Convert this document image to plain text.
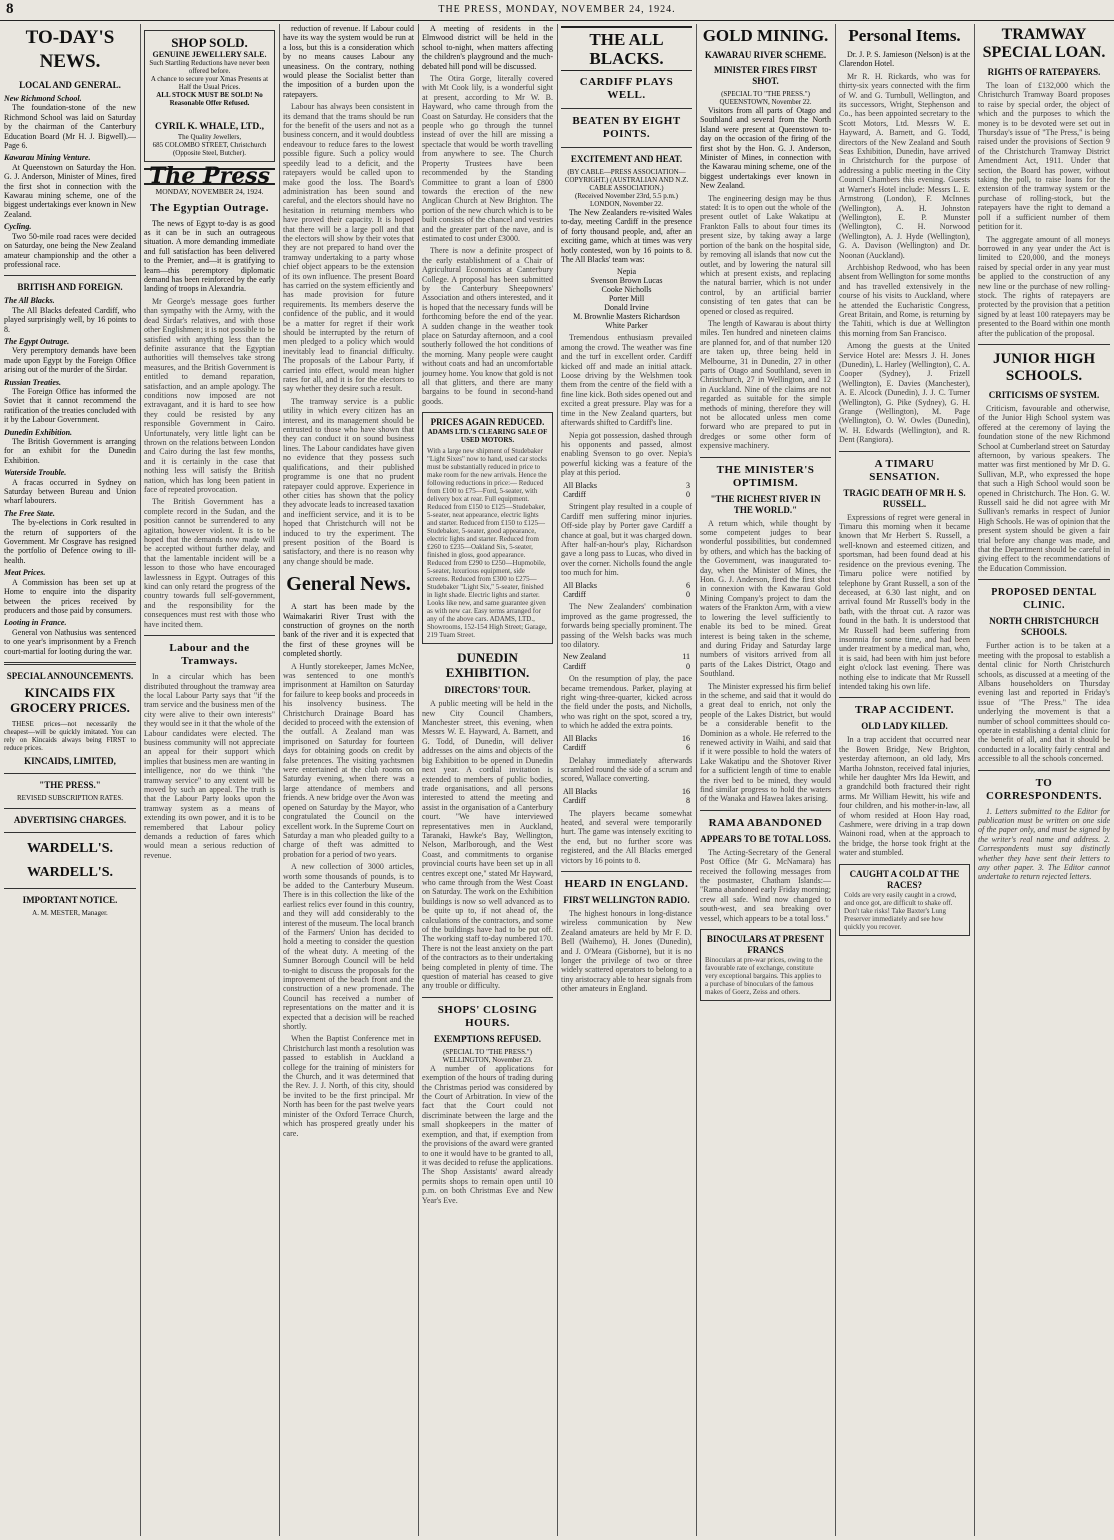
8	THE PRESS, MONDAY, NOVEMBER 24, 1924.
TO-DAY'S NEWS.
LOCAL AND GENERAL.
New Richmond School.
The foundation-stone of the new Richmond School was laid on Saturday by the chairman of the Canterbury Education Board (Mr H. J. Bigwell).—Page 6.
Kawarau Mining Venture.
At Queenstown on Saturday the Hon. G. J. Anderson, Minister of Mines, fired the first shot in connection with the Kawarau mining scheme, one of the biggest undertakings ever known in New Zealand.
Cycling.
Two 50-mile road races were decided on Saturday, one being the New Zealand amateur championship and the other a professional race.
BRITISH AND FOREIGN.
The All Blacks.
The All Blacks defeated Cardiff, who played surprisingly well, by 16 points to 8.
The Egypt Outrage.
Very peremptory demands have been made upon Egypt by the Foreign Office arising out of the murder of the Sirdar.
Russian Treaties.
The Foreign Office has informed the Soviet that it cannot recommend the ratification of the treaties concluded with it by the Labour Government.
Dunedin Exhibition.
The British Government is arranging for an exhibit for the Dunedin Exhibition.
Waterside Trouble.
A fracas occurred in Sydney on Saturday between Bureau and Union wharf labourers.
The Free State.
The by-elections in Cork resulted in the return of supporters of the Government. Mr Cosgrave has resigned the portfolio of Defence owing to ill-health.
Meat Prices.
A Commission has been set up at Home to enquire into the disparity between the prices received by producers and those paid by consumers.
Looting in France.
General von Nathusius was sentenced to one year's imprisonment by a French court-martial for looting during the war.
SPECIAL ANNOUNCEMENTS.
KINCAIDS FIX GROCERY PRICES.
THESE prices—not necessarily the cheapest—will be quickly imitated. You can rely on Kincaids always being FIRST to reduce prices.
KINCAIDS, LIMITED,
"THE PRESS."
REVISED SUBSCRIPTION RATES.
ADVERTISING CHARGES.
WARDELL'S.
WARDELL'S.
IMPORTANT NOTICE.
A. M. MESTER, Manager.
SHOP SOLD.
GENUINE JEWELLERY SALE.
Such Startling Reductions have never been offered before.
A chance to secure your Xmas Presents at Half the Usual Prices.
ALL STOCK MUST BE SOLD! No Reasonable Offer Refused.
CYRIL K. WHALE, LTD.,
The Quality Jewellers,
685 COLOMBO STREET, Christchurch
(Opposite Steel, Butcher).
The Press
MONDAY, NOVEMBER 24, 1924.
The Egyptian Outrage.
The news of Egypt to-day is as good as it can be in such an outrageous situation. A more demanding immediate and full satisfaction has been delivered to the Premier, and—it is gratifying to learn—this peremptory diplomatic demand has been reinforced by the early landing of troops in Alexandria.
Mr George's message goes further than sympathy with the Army, with the dead Sirdar's relatives, and with those other Englishmen; it is not possible to be satisfied with anything less than the definite assurance that the Egyptian authorities will themselves take strong measures, and the British Government is entitled to demand reparation, satisfaction, and an ample apology. The conditions now imposed are not extravagant, and it is hard to see how they could be resisted by any responsible Government in Cairo. Unfortunately, very little light can be thrown on the relations between London and Cairo during the last few months, and it is certainly in the case that nothing less will satisfy the British nation, which has long been patient in face of repeated provocation.
The British Government has a complete record in the Sudan, and the position cannot be surrendered to any agitation, however violent. It is to be hoped that the demands now made will be accepted without further delay, and that the lamentable incident will be a lesson to those who have encouraged lawlessness in Egypt. Outrages of this kind can only retard the progress of the country towards full self-government, and the responsibility for the consequences must rest with those who have incited them.
Labour and the Tramways.
In a circular which has been distributed throughout the tramway area the local Labour Party says that "if the tram service and the business men of the city were alive to their own interests" they would see in it that the whole of the Labour candidates were elected. The business community will not appreciate an appeal for their support which implies that business men are wanting in intelligence, nor do we think "the tramway service" to any extent will be moved by such an appeal. The truth is that the Labour Party looks upon the tramway system as a means of extending its own power, and it is to be remembered that Labour policy demands a reduction of fares which would mean a serious reduction of revenue.
reduction of revenue. If Labour could have its way the system would be run at a loss, but this is a consideration which by no means causes Labour any uneasiness. On the contrary, nothing would please the Socialist better than the imposition of a burden upon the ratepayers.
Labour has always been consistent in its demand that the trams should be run for the benefit of the users and not as a business concern, and it would doubtless endeavour to reduce fares to the lowest possible figure. Such a policy would speedily lead to a deficit, and the ratepayers would be called upon to make good the loss. The Board's administration has been sound and careful, and the electors should have no hesitation in returning members who have proved their capacity. It is hoped that there will be a large poll and that the electors will show by their votes that they are not prepared to hand over the tramway undertaking to a party whose chief object appears to be the extension of its own influence. The present Board has carried on the system efficiently and has made provision for future requirements. Its members deserve the confidence of the public, and it would be a matter for regret if their work should be interrupted by the return of men pledged to a policy which would inevitably lead to financial difficulty. The proposals of the Labour Party, if carried into effect, would mean higher rates for all, and it is for the electors to say whether they desire such a result.
The tramway service is a public utility in which every citizen has an interest, and its management should be entrusted to those who have shown that they can conduct it on sound business lines. The Labour candidates have given no evidence that they possess such qualifications, and their published programme is one that no prudent ratepayer could approve. Experience in other cities has shown that the policy they advocate leads to increased taxation and inefficient service, and it is to be hoped that Christchurch will not be induced to try the experiment. The present position of the Board is satisfactory, and there is no reason why any change should be made.
General News.
A start has been made by the Waimakariri River Trust with the construction of groynes on the north bank of the river and it is expected that the first of these groynes will be completed shortly.
A Huntly storekeeper, James McNee, was sentenced to one month's imprisonment at Hamilton on Saturday for failure to keep books and proceeds in his insolvency business. The Christchurch Drainage Board has decided to proceed with the extension of the outfall. A Zealand man was imprisoned on Saturday for fourteen days for obtaining goods on credit by false pretences. The visiting yachtsmen were entertained at the club rooms on Saturday evening, when there was a large attendance of members and friends. A new bridge over the Avon was opened on Saturday by the Mayor, who congratulated the Council on the excellent work. In the Supreme Court on Saturday a man who pleaded guilty to a charge of theft was admitted to probation for a period of two years.
A new collection of 3000 articles, worth some thousands of pounds, is to be added to the Canterbury Museum. There is in this collection the like of the earliest relics ever found in this country, and they will add considerably to the interest of the museum. The local branch of the Farmers' Union has decided to hold a meeting to consider the question of the wheat duty. A meeting of the Sumner Borough Council will be held to-night to discuss the proposals for the improvement of the beach front and the construction of a new promenade. The Council has received a number of representations on the matter and it is expected that a decision will be reached shortly.
When the Baptist Conference met in Christchurch last month a resolution was passed to establish in Auckland a college for the training of ministers for the Church, and it was determined that the Rev. J. J. North, of this city, should be invited to be the first principal. Mr North has been for the past twelve years minister of the Oxford Terrace Church, which has prospered greatly under his care.
A meeting of residents in the Elmwood district will be held in the school to-night, when matters affecting the children's playground and the much-debated hill pond will be discussed.
The Otira Gorge, literally covered with Mt Cook lily, is a wonderful sight at present, according to Mr W. B. Hayward, who came through from the Coast on Saturday. He considers that the people who go through the tunnel instead of over the hill are missing a spectacle that would be worth travelling from anywhere to see. The Church Property Trustees have been recommended by the Standing Committee to grant a loan of £800 towards the erection of the new Anglican Church at New Brighton. The portion of the new church which is to be built consists of the chancel and vestries and the greater part of the nave, and is estimated to cost under £3000.
There is now a definite prospect of the early establishment of a Chair of Agricultural Economics at Canterbury College. A proposal has been submitted by the Canterbury Sheepowners' Association and others interested, and it is hoped that the necessary funds will be forthcoming before the end of the year. A sudden change in the weather took place on Saturday afternoon, and a cool southerly followed the hot conditions of the morning. Many people were caught without coats and had an uncomfortable journey home. You know that gold is not all that glitters, and there are many bargains to be found in second-hand goods.
PRICES AGAIN REDUCED.
ADAMS LTD.'S CLEARING SALE OF USED MOTORS.
With a large new shipment of Studebaker "Light Sixes" now to hand, used car stocks must be substantially reduced in price to make room for the new arrivals. Hence the following reductions in price:— Reduced from £100 to £75—Ford, 5-seater, with delivery box at rear. Full equipment. Reduced from £150 to £125—Studebaker, 5-seater, neat appearance, electric lights and starter. Reduced from £150 to £125—Studebaker, 5-seater, good appearance, electric lights and starter. Reduced from £260 to £235—Oakland Six, 5-seater, finished in gloss, good appearance. Reduced from £290 to £250—Hupmobile, 5-seater, luxurious equipment, side screens. Reduced from £300 to £275—Studebaker "Light Six," 5-seater, finished in light shade. Electric lights and starter. Looks like new, and same guarantee given as with new car. Easy terms arranged for any of the above cars. ADAMS, LTD., Showrooms, 152-154 High Street; Garage, 219 Tuam Street.
DUNEDIN EXHIBITION.
DIRECTORS' TOUR.
A public meeting will be held in the new City Council Chambers, Manchester street, this evening, when Messrs W. E. Hayward, A. Barnett, and G. Todd, of Dunedin, will deliver addresses on the aims and objects of the big Exhibition to be opened in Dunedin next year. A cordial invitation is extended to members of public bodies, trade organisations, and all persons interested to attend the meeting and assist in the organisation of a Canterbury court. "We have interviewed representatives men in Auckland, Taranaki, Hawke's Bay, Wellington, Nelson, Marlborough, and the West Coast, and commitments to organise provincial courts have been set up in all centres except one," stated Mr Hayward, who came through from the West Coast on Saturday. The work on the Exhibition buildings is now so well advanced as to be quite up to, if not ahead of, the calculations of the contractors, and some of the buildings have had to be put off. The working staff to-day numbered 170. There is not the least anxiety on the part of the contractors as to their undertaking being completed in plenty of time. The question of material has ceased to give any trouble or difficulty.
SHOPS' CLOSING HOURS.
EXEMPTIONS REFUSED.
(SPECIAL TO "THE PRESS.")
WELLINGTON, November 23.
A number of applications for exemption of the hours of trading during the Christmas period was considered by the Court of Arbitration. In view of the fact that the Court could not discriminate between the large and the small shopkeepers in the matter of exemption, and that, if exemption from the provisions of the award were granted to one it would have to be granted to all, it was decided to refuse the applications. The Shop Assistants' award already permits shops to remain open until 10 p.m. on both Christmas Eve and New Year's Eve.
THE ALL BLACKS.
CARDIFF PLAYS WELL.
BEATEN BY EIGHT POINTS.
EXCITEMENT AND HEAT.
(BY CABLE—PRESS ASSOCIATION—COPYRIGHT.) (AUSTRALIAN AND N.Z. CABLE ASSOCIATION.)
(Received November 23rd, 5.5 p.m.)
LONDON, November 22.
The New Zealanders re-visited Wales to-day, meeting Cardiff in the presence of forty thousand people, and, after an exciting game, which at times was very hotly contested, won by 16 points to 8. The All Blacks' team was:
Nepia
Svenson Brown Lucas
Cooke Nicholls
Porter Mill
Donald Irvine
M. Brownlie Masters Richardson
White Parker
Tremendous enthusiasm prevailed among the crowd. The weather was fine and the turf in excellent order. Cardiff kicked off and made an initial attack. Loose driving by the Welshmen took them from the centre of the field with a fine line kick. Both sides opened out and excited a great pressure. Play was for a time in the New Zealand quarters, but afterwards shifted to Cardiff's line.
Nepia got possession, dashed through his opponents and passed, almost enabling Svenson to go over. Nepia's powerful kicking was a feature of the play at this period.
All Blacks	3
Cardiff	0
Stringent play resulted in a couple of Cardiff men suffering minor injuries. Off-side play by Porter gave Cardiff a chance at goal, but it was charged down. After half-an-hour's play, Richardson gave a long pass to Lucas, who dived in over the corner. Nicholls found the angle too much for him.
All Blacks	6
Cardiff	0
The New Zealanders' combination improved as the game progressed, the forwards being specially prominent. The passing of the Welsh backs was much too dilatory.
New Zealand	11
Cardiff	0
On the resumption of play, the pace became tremendous. Parker, playing at right wing-three-quarter, kicked across the field under the posts, and Nicholls, who was right on the spot, scored a try, to which he added the extra points.
All Blacks	16
Cardiff	6
Delahay immediately afterwards scrambled round the side of a scrum and scored, Wallace converting.
All Blacks	16
Cardiff	8
The players became somewhat heated, and several were temporarily hurt. The game was intensely exciting to the end, but no further score was registered, and the All Blacks emerged victors by 16 points to 8.
HEARD IN ENGLAND.
FIRST WELLINGTON RADIO.
The highest honours in long-distance wireless communication by New Zealand amateurs are held by Mr F. D. Bell (Waihemo), H. Jones (Dunedin), and J. O'Meara (Gisborne), but it is no longer the privilege of two or three widely scattered operators to belong to a tiny aristocracy able to hear signals from other amateurs in England.
GOLD MINING.
KAWARAU RIVER SCHEME.
MINISTER FIRES FIRST SHOT.
(SPECIAL TO "THE PRESS.")
QUEENSTOWN, November 22.
Visitors from all parts of Otago and Southland and several from the North Island were present at Queenstown to-day on the occasion of the firing of the first shot by the Hon. G. J. Anderson, Minister of Mines, in connection with the Kawarau mining scheme, one of the biggest undertakings ever known in New Zealand.
The engineering design may be thus stated: It is to open out the whole of the present outlet of Lake Wakatipu at Frankton Falls to about four times its present size, by taking away a large portion of the bank on the hospital side, by removing all islands that now cut the outlet, and by lowering the natural sill which at present exists, and replacing the natural barrier, which is not under control, by an artificial barrier consisting of ten gates that can be opened or closed as required.
The length of Kawarau is about thirty miles. Ten hundred and nineteen claims are planned for, and of that number 120 are taken up, three being held in Melbourne, 31 in Dunedin, 27 in other parts of Otago and Southland, seven in Christchurch, 27 in Wellington, and 12 in Auckland. Nine of the claims are not regarded as suitable for the simple methods of mining, therefore they will not be allocated unless men come forward who are prepared to put in dredges or some other form of expensive machinery.
THE MINISTER'S OPTIMISM.
"THE RICHEST RIVER IN THE WORLD."
A return which, while thought by some competent judges to bear wonderful possibilities, but condemned by others, and which has the backing of the Government, was inaugurated to-day, when the Minister of Mines, the Hon. G. J. Anderson, fired the first shot in connexion with the Kawarau Gold Mining Company's project to dam the waters of the Frankton Arm, with a view to lowering the level sufficiently to enable its bed to be mined. Great interest is being taken in the scheme, and during Friday and Saturday large numbers of visitors arrived from all parts of the Lakes District, Otago and Southland.
The Minister expressed his firm belief in the scheme, and said that it would do a great deal to enrich, not only the people of the Lakes District, but would be a considerable benefit to the Dominion as a whole. He referred to the renewed activity in Waihi, and said that if it were possible to hold the waters of Lake Wakatipu and the Shotover River for a sufficient length of time to enable the river bed to be mined, they would find similar progress to hold the waters of the Wanaka and Hawea lakes arising.
RAMA ABANDONED
APPEARS TO BE TOTAL LOSS.
The Acting-Secretary of the General Post Office (Mr G. McNamara) has received the following messages from the postmaster, Chatham Islands:— "Rama abandoned early Friday morning; crew all safe. Wind now changed to south-west, and sea breaking over vessel, which appears to be a total loss."
BINOCULARS AT PRESENT FRANCS
Binoculars at pre-war prices, owing to the favourable rate of exchange, constitute very exceptional bargains. This applies to a purchase of binoculars of the famous makes of Goerz, Zeiss and others.
Personal Items.
Dr. J. P. S. Jamieson (Nelson) is at the Clarendon Hotel.
Mr R. H. Rickards, who was for thirty-six years connected with the firm of W. and G. Turnbull, Wellington, and its successors, Wright, Stephenson and Co., has been appointed secretary to the Scott Motors, Ltd. Messrs W. E. Hayward, A. Barnett, and G. Todd, directors of the New Zealand and South Seas Exhibition, Dunedin, have arrived in Christchurch for the purpose of addressing a public meeting in the City Council Chambers this evening. Guests at Warner's Hotel include: Messrs L. E. Armstrong (London), F. McInnes (Wellington), A. H. Johnston (Wellington), E. P. Munster (Wellington), C. H. Norwood (Wellington), A. J. Hyde (Wellington), G. A. Davison (Wellington) and Dr. Noonan (Auckland).
Archbishop Redwood, who has been absent from Wellington for some months and has travelled extensively in the course of his visits to Auckland, where he attended the Eucharistic Congress, Great Britain, and Rome, is returning by the Tahiti, which is due at Wellington this morning from San Francisco.
Among the guests at the United Service Hotel are: Messrs J. H. Jones (Dunedin), L. Harley (Wellington), C. A. Cooper (Sydney), J. Frizell (Wellington), E. Davies (Manchester), A. E. Alcock (Dunedin), J. J. C. Turner (Wellington), G. Pike (Sydney), G. H. Grange (Wellington), M. Page (Wellington), O. W. Owles (Dunedin), W. H. Edwards (Wellington), and R. Dent (Rangiora).
A TIMARU SENSATION.
TRAGIC DEATH OF MR H. S. RUSSELL.
Expressions of regret were general in Timaru this morning when it became known that Mr Herbert S. Russell, a well-known and esteemed citizen, and sportsman, had been found dead at his residence on the previous evening. The Timaru police were notified by telephone by Grant Russell, a son of the deceased, at 6.30 last night, and on arrival found Mr Russell's body in the bath, with the throat cut. A razor was found in the bath. It is understood that Mr Russell had been suffering from insomnia for some time, and had been under treatment by a medical man, who, it is said, had been with him just before eight o'clock last evening. There was nothing else to indicate that Mr Russell intended taking his own life.
TRAP ACCIDENT.
OLD LADY KILLED.
In a trap accident that occurred near the Bowen Bridge, New Brighton, yesterday afternoon, an old lady, Mrs Martha Johnston, received fatal injuries, while her daughter Mrs Ida Hewitt, and a grandchild both fractured their right arms. Mr William Hewitt, his wife and four children, and his mother-in-law, all of whom resided at Hoon Hay road, Cashmere, were driving in a trap down Wainoni road, when at the approach to the bridge, the horse took fright at the water and stumbled.
CAUGHT A COLD AT THE RACES?
Colds are very easily caught in a crowd, and once got, are difficult to shake off. Don't take risks! Take Baxter's Lung Preserver immediately and see how quickly you recover.
TRAMWAY SPECIAL LOAN.
RIGHTS OF RATEPAYERS.
The loan of £132,000 which the Christchurch Tramway Board proposes to raise by special order, the object of which and the purposes to which the money is to be devoted were set out in Thursday's issue of "The Press," is being raised under the provisions of Section 9 of the Christchurch Tramway District Amendment Act, 1911. Under that section, the Board has power, without taking the poll, to raise loans for the extension of the tramway system or the purchase of rolling-stock, but the ratepayers have the right to demand a poll if a sufficient number of them petition for it.
The aggregate amount of all moneys borrowed in any year under the Act is limited to £20,000, and the moneys raised by special order in any year must be applied to the construction of any new line or the purchase of new rolling-stock. The rights of ratepayers are protected by the provision that a petition signed by at least 100 ratepayers may be presented to the Board within one month after the publication of the proposal.
JUNIOR HIGH SCHOOLS.
CRITICISMS OF SYSTEM.
Criticism, favourable and otherwise, of the Junior High School system was offered at the ceremony of laying the foundation stone of the new Richmond School at Cumberland street on Saturday afternoon, by various speakers. The matter was first mentioned by Mr D. G. Sullivan, M.P., who expressed the hope that such a High School would soon be opened in Christchurch. The Hon. G. W. Russell said he did not agree with Mr Sullivan's remarks in respect of Junior High Schools. He was of opinion that the present system should be given a fair trial before any change was made, and that the Department should be careful in giving effect to the recommendations of the Education Commission.
PROPOSED DENTAL CLINIC.
NORTH CHRISTCHURCH SCHOOLS.
Further action is to be taken at a meeting with the proposal to establish a dental clinic for North Christchurch schools, as discussed at a meeting of the Albans householders on Thursday evening last and reported in Friday's issue of "The Press." The idea underlying the movement is that a number of school committees should co-operate in establishing a dental clinic for the benefit of all, and that it should be conducted in a locality fairly central and accessible to all the schools concerned.
TO CORRESPONDENTS.
1. Letters submitted to the Editor for publication must be written on one side of the paper only, and must be signed by the writer's real name and address. 2. Correspondents must say distinctly whether they have sent their letters to any other paper. 3. The Editor cannot undertake to return rejected letters.
